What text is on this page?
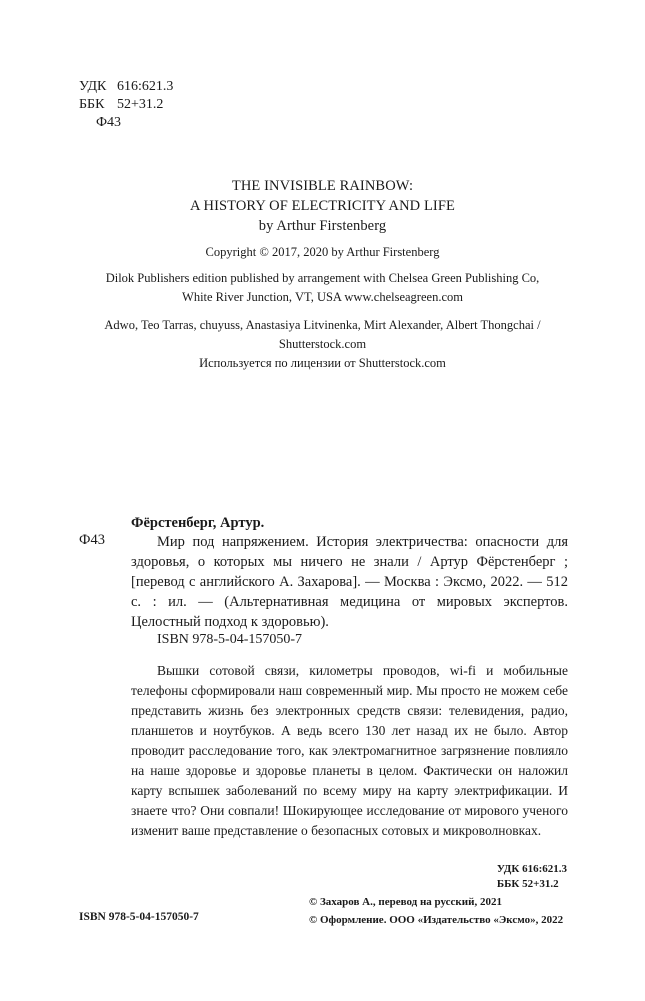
УДК 616:621.3
ББК 52+31.2
Ф43
THE INVISIBLE RAINBOW:
A HISTORY OF ELECTRICITY AND LIFE
by Arthur Firstenberg
Copyright © 2017, 2020 by Arthur Firstenberg
Dilok Publishers edition published by arrangement with Chelsea Green Publishing Co,
White River Junction, VT, USA www.chelseagreen.com
Adwo, Teo Tarras, chuyuss, Anastasiya Litvinenka, Mirt Alexander, Albert Thongchai /
Shutterstock.com
Используется по лицензии от Shutterstock.com
Фёрстенберг, Артур.
Ф43	Мир под напряжением. История электричества: опасности для здоровья, о которых мы ничего не знали / Артур Фёрстенберг ; [перевод с английского А. Захарова]. — Москва : Эксмо, 2022. — 512 с. : ил. — (Альтернативная медицина от мировых экспертов. Целостный подход к здоровью).
ISBN 978-5-04-157050-7
Вышки сотовой связи, километры проводов, wi-fi и мобильные телефоны сформировали наш современный мир. Мы просто не можем себе представить жизнь без электронных средств связи: телевидения, радио, планшетов и ноутбуков. А ведь всего 130 лет назад их не было. Автор проводит расследование того, как электромагнитное загрязнение повлияло на наше здоровье и здоровье планеты в целом. Фактически он наложил карту вспышек заболеваний по всему миру на карту электрификации. И знаете что? Они совпали! Шокирующее исследование от мирового ученого изменит ваше представление о безопасных сотовых и микроволновках.
УДК 616:621.3
ББК 52+31.2
ISBN 978-5-04-157050-7
© Захаров А., перевод на русский, 2021
© Оформление. ООО «Издательство «Эксмо», 2022
